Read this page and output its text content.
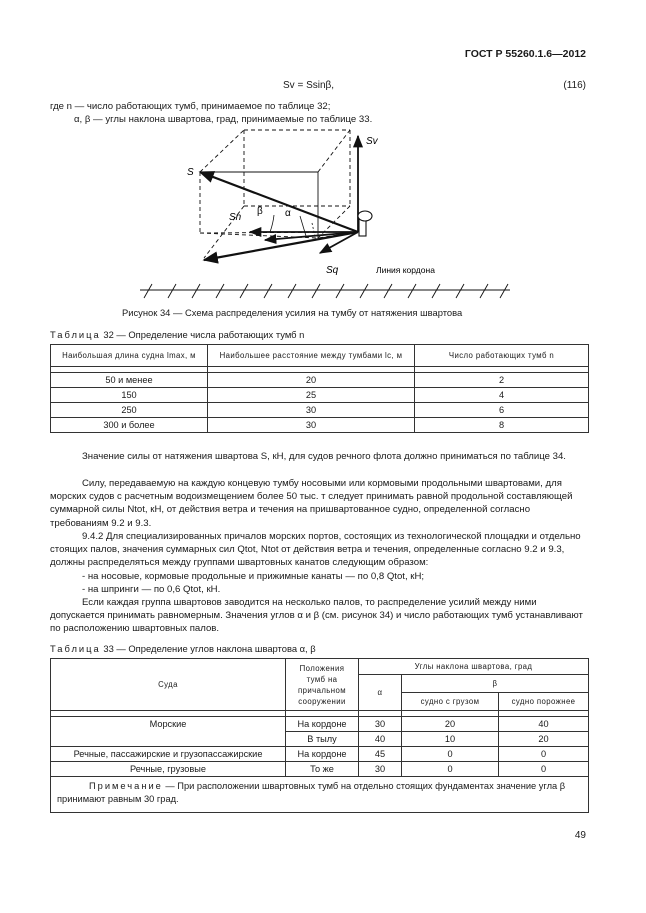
ГОСТ Р 55260.1.6—2012
Sv = Ssinβ,	(116)
где n — число работающих тумб, принимаемое по таблице 32;
α, β — углы наклона швартова, град, принимаемые по таблице 33.
S
Sv
Sn
Sq
α
β
Линия кордона
Рисунок 34 — Схема распределения усилия на тумбу от натяжения швартова
Таблица 32 — Определение числа работающих тумб n
Наибольшая длина судна lmax, м	Наибольшее расстояние между тумбами lc, м	Число работающих тумб n

50 и менее	20	2
150	25	4
250	30	6
300 и более	30	8
Значение силы от натяжения швартова S, кН, для судов речного флота должно приниматься по таблице 34.
Силу, передаваемую на каждую концевую тумбу носовыми или кормовыми продольными швартовами, для морских судов с расчетным водоизмещением более 50 тыс. т следует принимать равной продольной составляющей суммарной силы Ntot, кН, от действия ветра и течения на пришвартованное судно, определенной согласно требованиям 9.2 и 9.3.
9.4.2 Для специализированных причалов морских портов, состоящих из технологической площадки и отдельно стоящих палов, значения суммарных сил Qtot, Ntot от действия ветра и течения, определенные согласно 9.2 и 9.3, должны распределяться между группами швартовных канатов следующим образом:
- на носовые, кормовые продольные и прижимные канаты — по 0,8 Qtot, кН;
- на шпринги — по 0,6 Qtot, кН.
Если каждая группа швартовов заводится на несколько палов, то распределение усилий между ними допускается принимать равномерным. Значения углов α и β (см. рисунок 34) и число работающих тумб устанавливают по расположению швартовных палов.
Таблица 33 — Определение углов наклона швартова α, β
Суда	Положения тумб на причальном сооружении	Углы наклона швартова, град		
		α	β	
			судно с грузом	судно порожнее

Морские	На кордоне	30	20	40
	В тылу	40	10	20
Речные, пассажирские и грузопассажирские	На кордоне	45	0	0
Речные, грузовые	То же	30	0	0
Примечание — При расположении швартовных тумб на отдельно стоящих фундаментах значение угла β принимают равным 30 град.				
49
